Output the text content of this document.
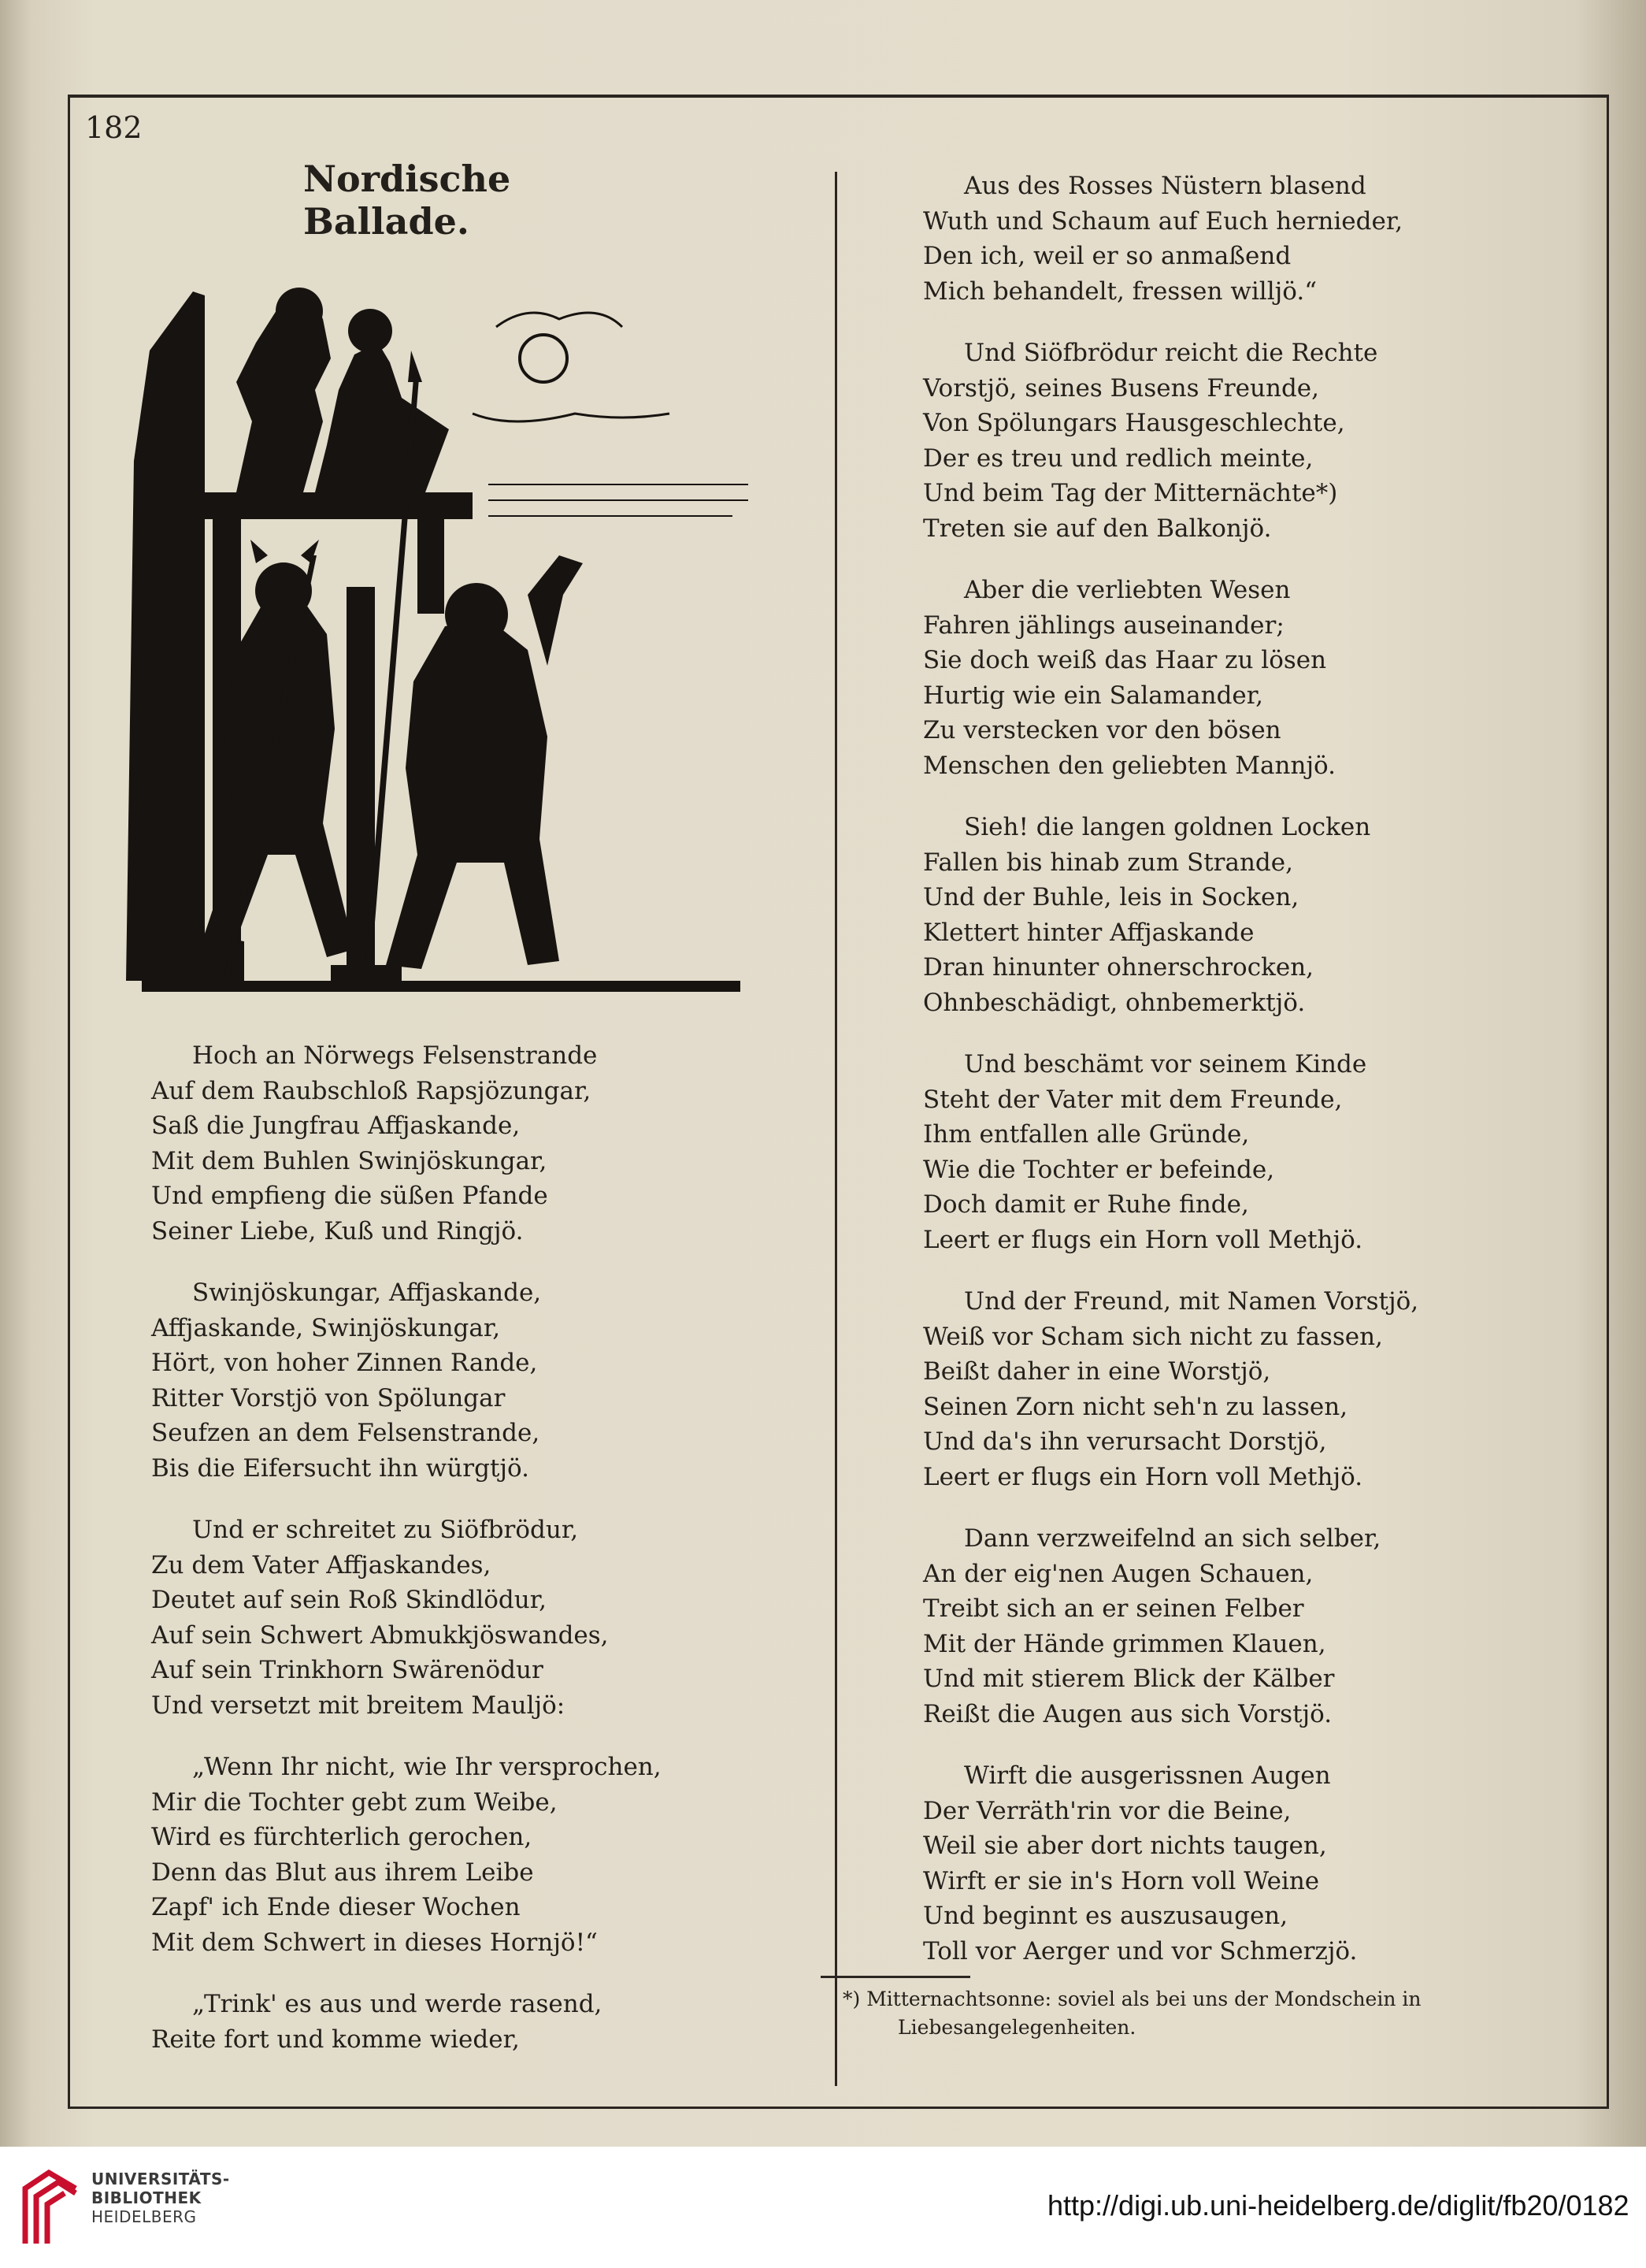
182
Nordische Ballade.
Hoch an Nörwegs Felsenstrande
Auf dem Raubschloß Rapsjözungar,
Saß die Jungfrau Affjaskande,
Mit dem Buhlen Swinjöskungar,
Und empfieng die süßen Pfande
Seiner Liebe, Kuß und Ringjö.
Swinjöskungar, Affjaskande,
Affjaskande, Swinjöskungar,
Hört, von hoher Zinnen Rande,
Ritter Vorstjö von Spölungar
Seufzen an dem Felsenstrande,
Bis die Eifersucht ihn würgtjö.
Und er schreitet zu Siöfbrödur,
Zu dem Vater Affjaskandes,
Deutet auf sein Roß Skindlödur,
Auf sein Schwert Abmukkjöswandes,
Auf sein Trinkhorn Swärenödur
Und versetzt mit breitem Mauljö:
„Wenn Ihr nicht, wie Ihr versprochen,
Mir die Tochter gebt zum Weibe,
Wird es fürchterlich gerochen,
Denn das Blut aus ihrem Leibe
Zapf' ich Ende dieser Wochen
Mit dem Schwert in dieses Hornjö!“
„Trink' es aus und werde rasend,
Reite fort und komme wieder,
Aus des Rosses Nüstern blasend
Wuth und Schaum auf Euch hernieder,
Den ich, weil er so anmaßend
Mich behandelt, fressen willjö.“
Und Siöfbrödur reicht die Rechte
Vorstjö, seines Busens Freunde,
Von Spölungars Hausgeschlechte,
Der es treu und redlich meinte,
Und beim Tag der Mitternächte*)
Treten sie auf den Balkonjö.
Aber die verliebten Wesen
Fahren jählings auseinander;
Sie doch weiß das Haar zu lösen
Hurtig wie ein Salamander,
Zu verstecken vor den bösen
Menschen den geliebten Mannjö.
Sieh! die langen goldnen Locken
Fallen bis hinab zum Strande,
Und der Buhle, leis in Socken,
Klettert hinter Affjaskande
Dran hinunter ohnerschrocken,
Ohnbeschädigt, ohnbemerktjö.
Und beschämt vor seinem Kinde
Steht der Vater mit dem Freunde,
Ihm entfallen alle Gründe,
Wie die Tochter er befeinde,
Doch damit er Ruhe finde,
Leert er flugs ein Horn voll Methjö.
Und der Freund, mit Namen Vorstjö,
Weiß vor Scham sich nicht zu fassen,
Beißt daher in eine Worstjö,
Seinen Zorn nicht seh'n zu lassen,
Und da's ihn verursacht Dorstjö,
Leert er flugs ein Horn voll Methjö.
Dann verzweifelnd an sich selber,
An der eig'nen Augen Schauen,
Treibt sich an er seinen Felber
Mit der Hände grimmen Klauen,
Und mit stierem Blick der Kälber
Reißt die Augen aus sich Vorstjö.
Wirft die ausgerissnen Augen
Der Verräth'rin vor die Beine,
Weil sie aber dort nichts taugen,
Wirft er sie in's Horn voll Weine
Und beginnt es auszusaugen,
Toll vor Aerger und vor Schmerzjö.
*) Mitternachtsonne: soviel als bei uns der Mondschein in
Liebesangelegenheiten.
UNIVERSITÄTS-
BIBLIOTHEK
HEIDELBERG	http://digi.ub.uni-heidelberg.de/diglit/fb20/0182
